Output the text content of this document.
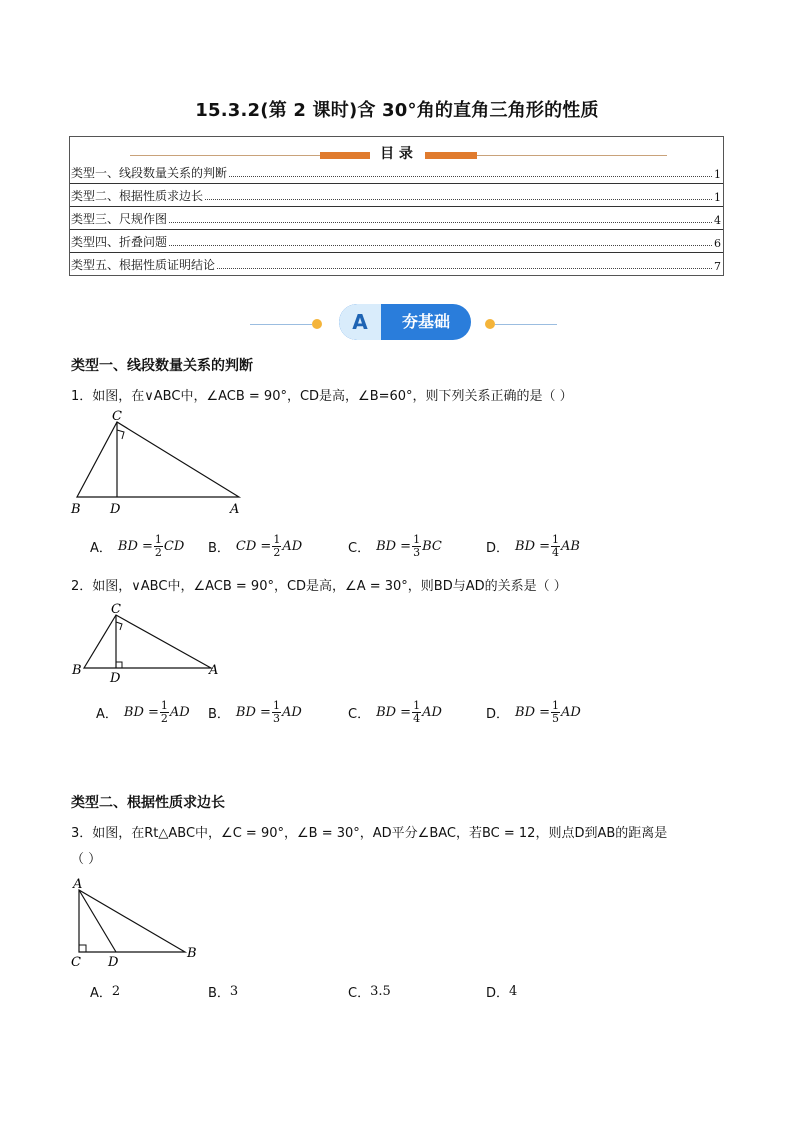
15.3.2(第 2 课时)含 30°角的直角三角形的性质
目 录
类型一、线段数量关系的判断	1
类型二、根据性质求边长	1
类型三、尺规作图	4
类型四、折叠问题	6
类型五、根据性质证明结论	7
A	夯基础
类型一、线段数量关系的判断
1．如图，在∨ABC中，∠ACB = 90°，CD是高，∠B=60°，则下列关系正确的是（ ）
C
B D	A
A． BD = $\frac{1}{2}$ CD B． CD = $\frac{1}{2}$ AD	C． BD = $\frac{1}{3}$ BC	D． BD = $\frac{1}{4}$ AB
2．如图，∨ABC中，∠ACB = 90°，CD是高，∠A = 30°，则BD与AD的关系是（ ）
C
B
D
A
A． BD = $\frac{1}{2}$ AD B． BD = $\frac{1}{3}$ AD	C． BD = $\frac{1}{4}$ AD	D． BD = $\frac{1}{5}$ AD
类型二、根据性质求边长
3．如图，在Rt△ABC中，∠C = 90°，∠B = 30°，AD平分∠BAC，若BC = 12，则点D到AB的距离是
（ ）
A
C D
B
A． 2	B． 3	C． 3.5	D． 4
